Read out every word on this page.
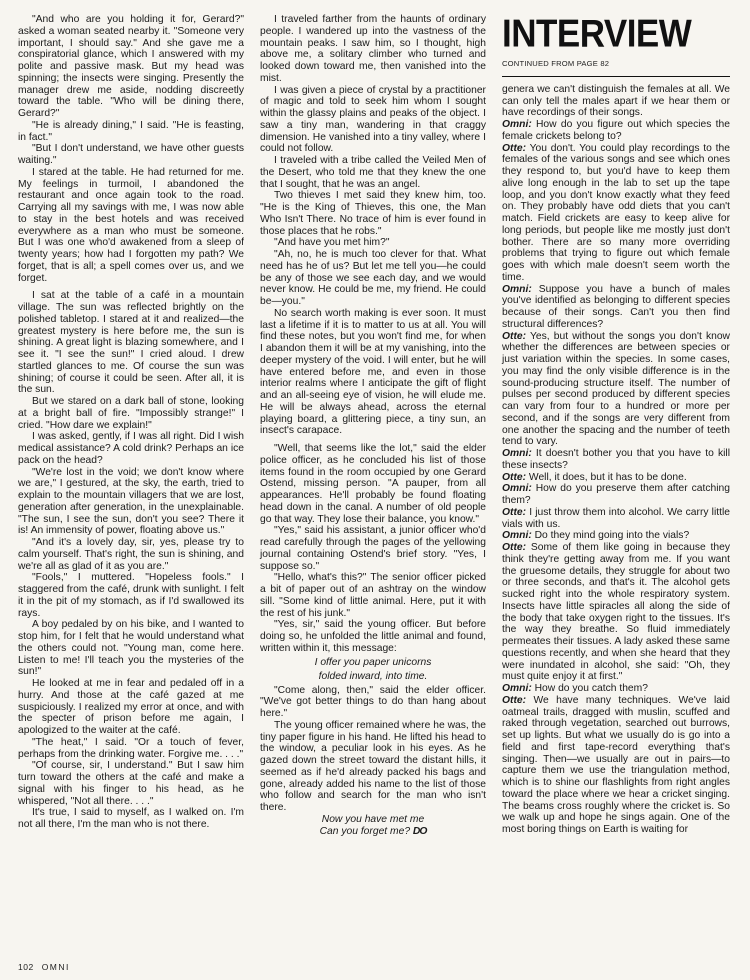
"And who are you holding it for, Gerard?" asked a woman seated nearby it. "Someone very important, I should say." And she gave me a conspiratorial glance, which I answered with my polite and passive mask. But my head was spinning; the insects were singing. Presently the manager drew me aside, nodding discreetly toward the table. "Who will be dining there, Gerard?"

"He is already dining," I said. "He is feasting, in fact."

"But I don't understand, we have other guests waiting."

I stared at the table. He had returned for me. My feelings in turmoil, I abandoned the restaurant and once again took to the road. Carrying all my savings with me, I was now able to stay in the best hotels and was received everywhere as a man who must be someone. But I was one who'd awakened from a sleep of twenty years; how had I forgotten my path? We forget, that is all; a spell comes over us, and we forget.

I sat at the table of a café in a mountain village. The sun was reflected brightly on the polished tabletop. I stared at it and realized—the greatest mystery is here before me, the sun is shining. A great light is blazing somewhere, and I see it. "I see the sun!" I cried aloud. I drew startled glances to me. Of course the sun was shining; of course it could be seen. After all, it is the sun.

But we stared on a dark ball of stone, looking at a bright ball of fire. "Impossibly strange!" I cried. "How dare we explain!"

I was asked, gently, if I was all right. Did I wish medical assistance? A cold drink? Perhaps an ice pack on the head?

"We're lost in the void; we don't know where we are," I gestured, at the sky, the earth, tried to explain to the mountain villagers that we are lost, generation after generation, in the unexplainable. "The sun, I see the sun, don't you see? There it is! An immensity of power, floating above us."

"And it's a lovely day, sir, yes, please try to calm yourself. That's right, the sun is shining, and we're all as glad of it as you are."

"Fools," I muttered. "Hopeless fools." I staggered from the café, drunk with sunlight. I felt it in the pit of my stomach, as if I'd swallowed its rays.

A boy pedaled by on his bike, and I wanted to stop him, for I felt that he would understand what the others could not. "Young man, come here. Listen to me! I'll teach you the mysteries of the sun!"

He looked at me in fear and pedaled off in a hurry. And those at the café gazed at me suspiciously. I realized my error at once, and with the specter of prison before me again, I apologized to the waiter at the café.

"The heat," I said. "Or a touch of fever, perhaps from the drinking water. Forgive me. . . ."

"Of course, sir, I understand." But I saw him turn toward the others at the café and make a signal with his finger to his head, as he whispered, "Not all there. . . ."

It's true, I said to myself, as I walked on. I'm not all there, I'm the man who is not there.

I traveled farther from the haunts of ordinary people. I wandered up into the vastness of the mountain peaks. I saw him, so I thought, high above me, a solitary climber who turned and looked down toward me, then vanished into the mist.

I was given a piece of crystal by a practitioner of magic and told to seek him whom I sought within the glassy plains and peaks of the object. I saw a tiny man, wandering in that craggy dimension. He vanished into a tiny valley, where I could not follow.

I traveled with a tribe called the Veiled Men of the Desert, who told me that they knew the one that I sought, that he was an angel.

Two thieves I met said they knew him, too. "He is the King of Thieves, this one, the Man Who Isn't There. No trace of him is ever found in those places that he robs."

"And have you met him?"

"Ah, no, he is much too clever for that. What need has he of us? But let me tell you—he could be any of those we see each day, and we would never know. He could be me, my friend. He could be—you."

No search worth making is ever soon. It must last a lifetime if it is to matter to us at all. You will find these notes, but you won't find me, for when I abandon them it will be at my vanishing, into the deeper mystery of the void. I will enter, but he will have entered before me, and even in those interior realms where I anticipate the gift of flight and an all-seeing eye of vision, he will elude me. He will be always ahead, across the eternal playing board, a glittering piece, a tiny sun, an insect's carapace.

"Well, that seems like the lot," said the elder police officer, as he concluded his list of those items found in the room occupied by one Gerard Ostend, missing person. "A pauper, from all appearances. He'll probably be found floating head down in the canal. A number of old people go that way. They lose their balance, you know."

"Yes," said his assistant, a junior officer who'd read carefully through the pages of the yellowing journal containing Ostend's brief story. "Yes, I suppose so."

"Hello, what's this?" The senior officer picked a bit of paper out of an ashtray on the window sill. "Some kind of little animal. Here, put it with the rest of his junk."

"Yes, sir," said the young officer. But before doing so, he unfolded the little animal and found, written within it, this message:

I offer you paper unicorns

folded inward, into time.

"Come along, then," said the elder officer. "We've got better things to do than hang about here."

The young officer remained where he was, the tiny paper figure in his hand. He lifted his head to the window, a peculiar look in his eyes. As he gazed down the street toward the distant hills, it seemed as if he'd already packed his bags and gone, already added his name to the list of those who follow and search for the man who isn't there.

Now you have met me

Can you forget me? DO

INTERVIEW
CONTINUED FROM PAGE 82

genera we can't distinguish the females at all. We can only tell the males apart if we hear them or have recordings of their songs.

Omni: How do you figure out which species the female crickets belong to?

Otte: You don't. You could play recordings to the females of the various songs and see which ones they respond to, but you'd have to keep them alive long enough in the lab to set up the tape loop, and you don't know exactly what they feed on. They probably have odd diets that you can't match. Field crickets are easy to keep alive for long periods, but people like me mostly just don't bother. There are so many more overriding problems that trying to figure out which female goes with which male doesn't seem worth the time.

Omni: Suppose you have a bunch of males you've identified as belonging to different species because of their songs. Can't you then find structural differences?

Otte: Yes, but without the songs you don't know whether the differences are between species or just variation within the species. In some cases, you may find the only visible difference is in the sound-producing structure itself. The number of pulses per second produced by different species can vary from four to a hundred or more per second, and if the songs are very different from one another the spacing and the number of teeth tend to vary.

Omni: It doesn't bother you that you have to kill these insects?

Otte: Well, it does, but it has to be done.

Omni: How do you preserve them after catching them?

Otte: I just throw them into alcohol. We carry little vials with us.

Omni: Do they mind going into the vials?

Otte: Some of them like going in because they think they're getting away from me. If you want the gruesome details, they struggle for about two or three seconds, and that's it. The alcohol gets sucked right into the whole respiratory system. Insects have little spiracles all along the side of the body that take oxygen right to the tissues. It's the way they breathe. So fluid immediately permeates their tissues. A lady asked these same questions recently, and when she heard that they were inundated in alcohol, she said: "Oh, they must quite enjoy it at first."

Omni: How do you catch them?

Otte: We have many techniques. We've laid oatmeal trails, dragged with muslin, scuffed and raked through vegetation, searched out burrows, set up lights. But what we usually do is go into a field and first tape-record everything that's singing. Then—we usually are out in pairs—to capture them we use the triangulation method, which is to shine our flashlights from right angles toward the place where we hear a cricket singing. The beams cross roughly where the cricket is. So we walk up and hope he sings again. One of the most boring things on Earth is waiting for

102 OMNI
